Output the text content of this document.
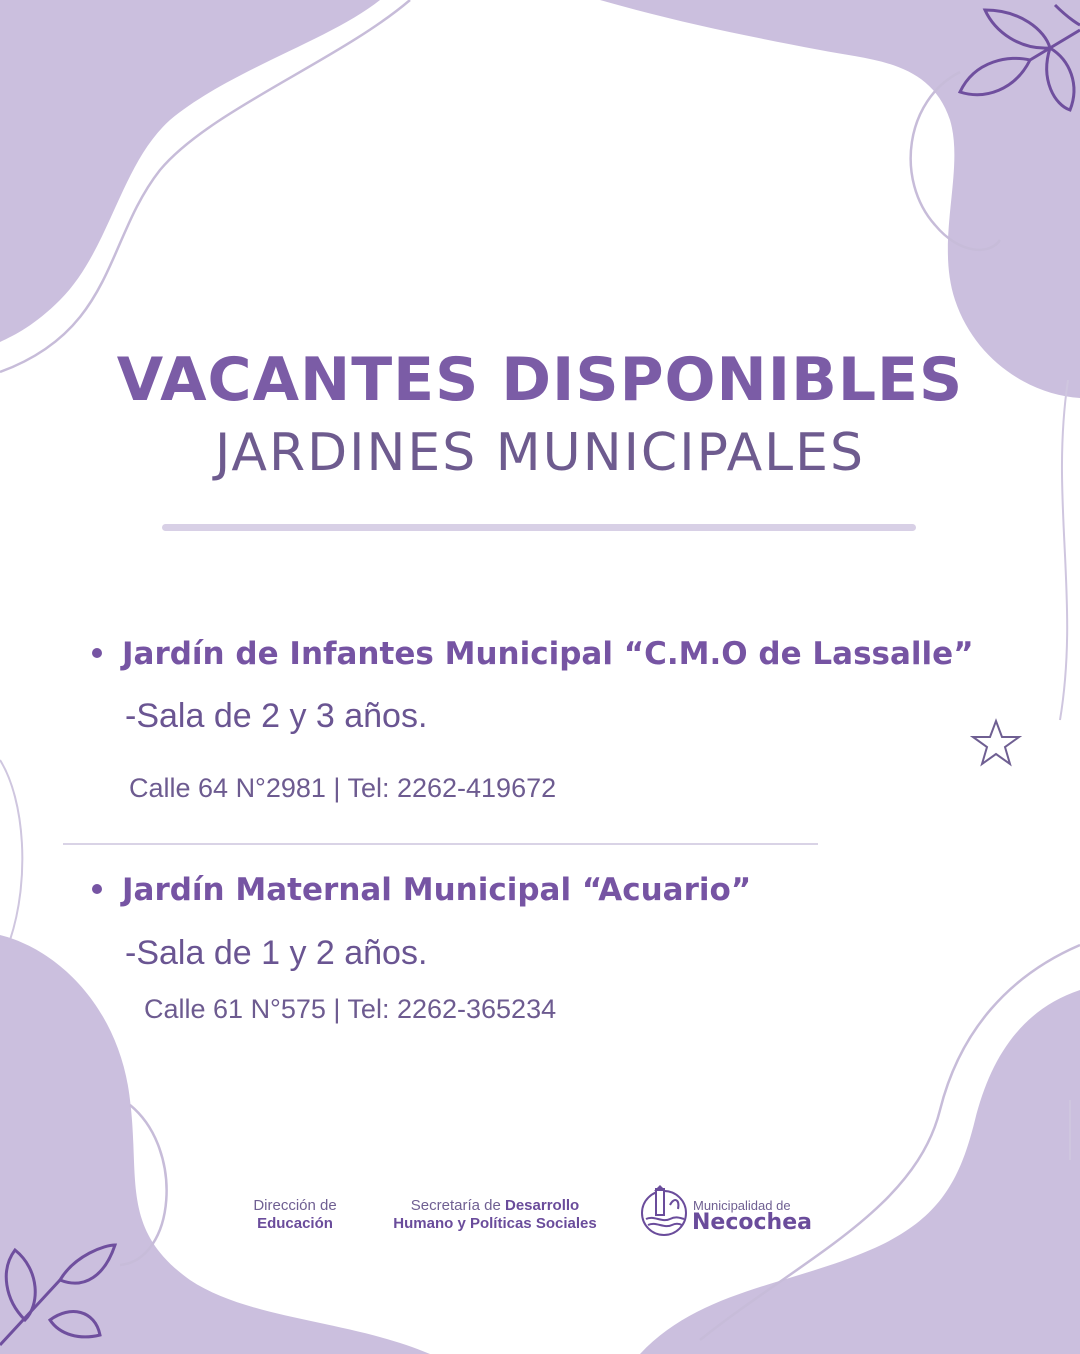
VACANTES DISPONIBLES
JARDINES MUNICIPALES
Jardín de Infantes Municipal “C.M.O de Lassalle”
-Sala de 2 y 3 años.
Calle 64 N°2981 | Tel: 2262-419672
Jardín Maternal Municipal “Acuario”
-Sala de 1 y 2 años.
Calle 61 N°575 | Tel: 2262-365234
Dirección de
Educación
Secretaría de Desarrollo
Humano y Políticas Sociales
Municipalidad de
Necochea
